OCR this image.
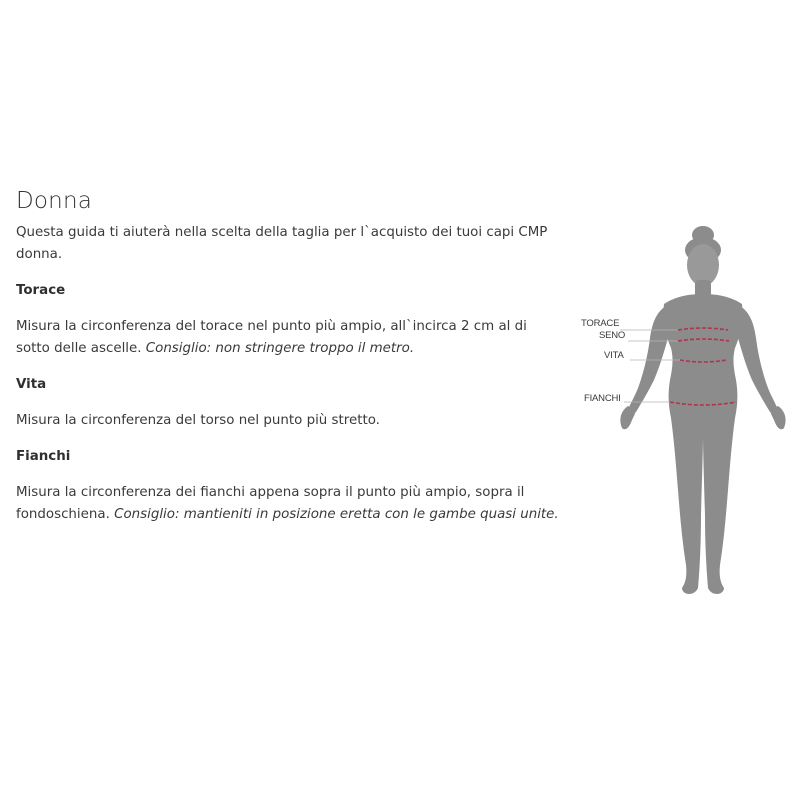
Donna

Questa guida ti aiuterà nella scelta della taglia per l`acquisto dei tuoi capi CMP donna.

Torace

Misura la circonferenza del torace nel punto più ampio, all`incirca 2 cm al di sotto delle ascelle. Consiglio: non stringere troppo il metro.

Vita

Misura la circonferenza del torso nel punto più stretto.

Fianchi

Misura la circonferenza dei fianchi appena sopra il punto più ampio, sopra il fondoschiena. Consiglio: mantieniti in posizione eretta con le gambe quasi unite.

TORACE
SENO
VITA
FIANCHI
